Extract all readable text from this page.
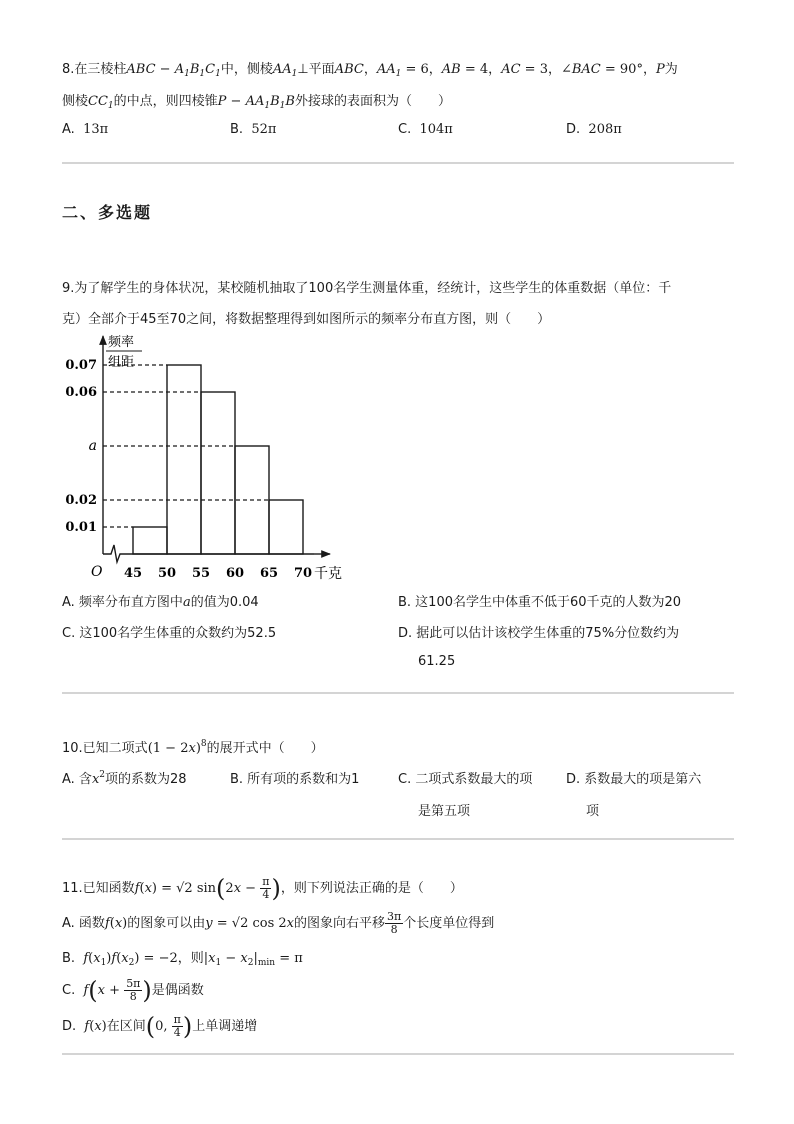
8.在三棱柱ABC − $A_1B_1C_1$中，侧棱$AA_1\perp$平面ABC，$AA_1 = 6$，AB = 4，AC = 3，∠BAC = 90°，P为
侧棱$CC_1$的中点，则四棱锥$P - AA_1B_1B$外接球的表面积为（　　）
A. 13π	B. 52π	C. 104π	D. 208π
二、多选题
9.为了解学生的身体状况，某校随机抽取了100名学生测量体重，经统计，这些学生的体重数据（单位：千
克）全部介于45至70之间，将数据整理得到如图所示的频率分布直方图，则（　　）
0.07
0.06
a
0.02
0.01
45 50 55 60 65 70
频率
组距
O	千克
A. 频率分布直方图中a的值为0.04	B. 这100名学生中体重不低于60千克的人数为20
C. 这100名学生体重的众数约为52.5	D. 据此可以估计该校学生体重的75%分位数约为
61.25
10.已知二项式$(1 - 2x)^8$的展开式中（　　）
A. 含$x^2$项的系数为28	B. 所有项的系数和为1	C. 二项式系数最大的项
是第五项
D. 系数最大的项是第六
项
11.已知函数f(x) = √2 $\sin(2x - \frac{\pi}{4}$ )，则下列说法正确的是（　　）
A. 函数f(x)的图象可以由y = √2 cos 2x的图象向右平移 $\frac{3\pi}{8}$ 个长度单位得到
B. $f(x_1)f(x_2) = -2$，则$|x_1 - x_2|_{min} = \pi$
C. $f(x + \frac{5\pi}{8}$ )是偶函数
D. f(x)在区间(0, $\frac{\pi}{4}$ )上单调递增
